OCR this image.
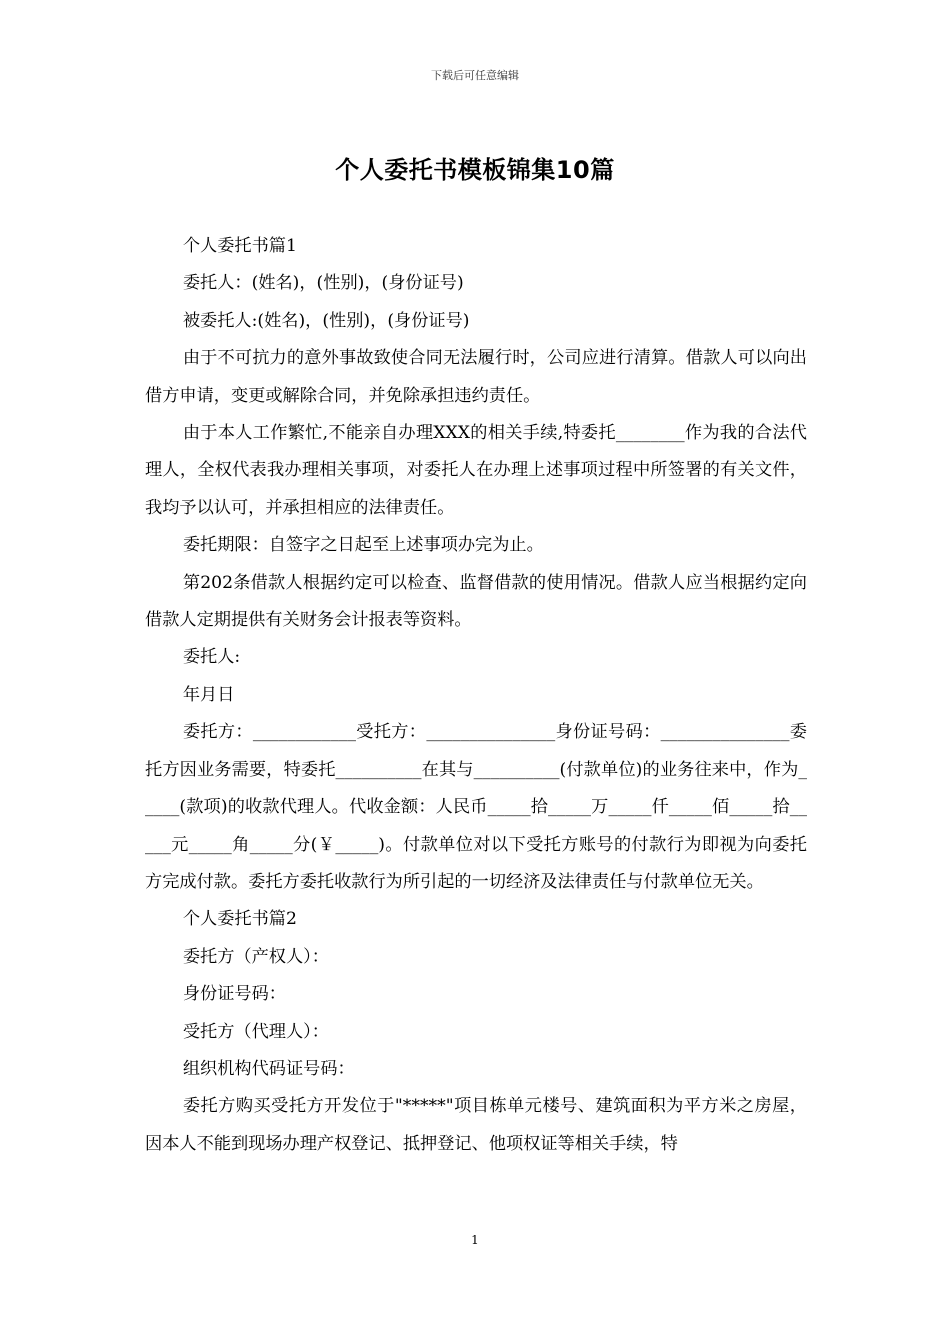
下载后可任意编辑
个人委托书模板锦集10篇

个人委托书篇1

委托人：(姓名)，(性别)，(身份证号)

被委托人:(姓名)，(性别)，(身份证号)

由于不可抗力的意外事故致使合同无法履行时，公司应进行清算。借款人可以向出借方申请，变更或解除合同，并免除承担违约责任。

由于本人工作繁忙,不能亲自办理XXX的相关手续,特委托________作为我的合法代理人，全权代表我办理相关事项，对委托人在办理上述事项过程中所签署的有关文件，我均予以认可，并承担相应的法律责任。

委托期限：自签字之日起至上述事项办完为止。

第202条借款人根据约定可以检查、监督借款的使用情况。借款人应当根据约定向借款人定期提供有关财务会计报表等资料。

委托人:

年月日

委托方：____________受托方：_______________身份证号码：_______________委托方因业务需要，特委托__________在其与__________(付款单位)的业务往来中，作为_____(款项)的收款代理人。代收金额：人民币_____拾_____万_____仟_____佰_____拾_____元_____角_____分(￥_____)。付款单位对以下受托方账号的付款行为即视为向委托方完成付款。委托方委托收款行为所引起的一切经济及法律责任与付款单位无关。

个人委托书篇2

委托方（产权人）：

身份证号码：

受托方（代理人）：

组织机构代码证号码：

委托方购买受托方开发位于"*****"项目栋单元楼号、建筑面积为平方米之房屋，因本人不能到现场办理产权登记、抵押登记、他项权证等相关手续，特

1
